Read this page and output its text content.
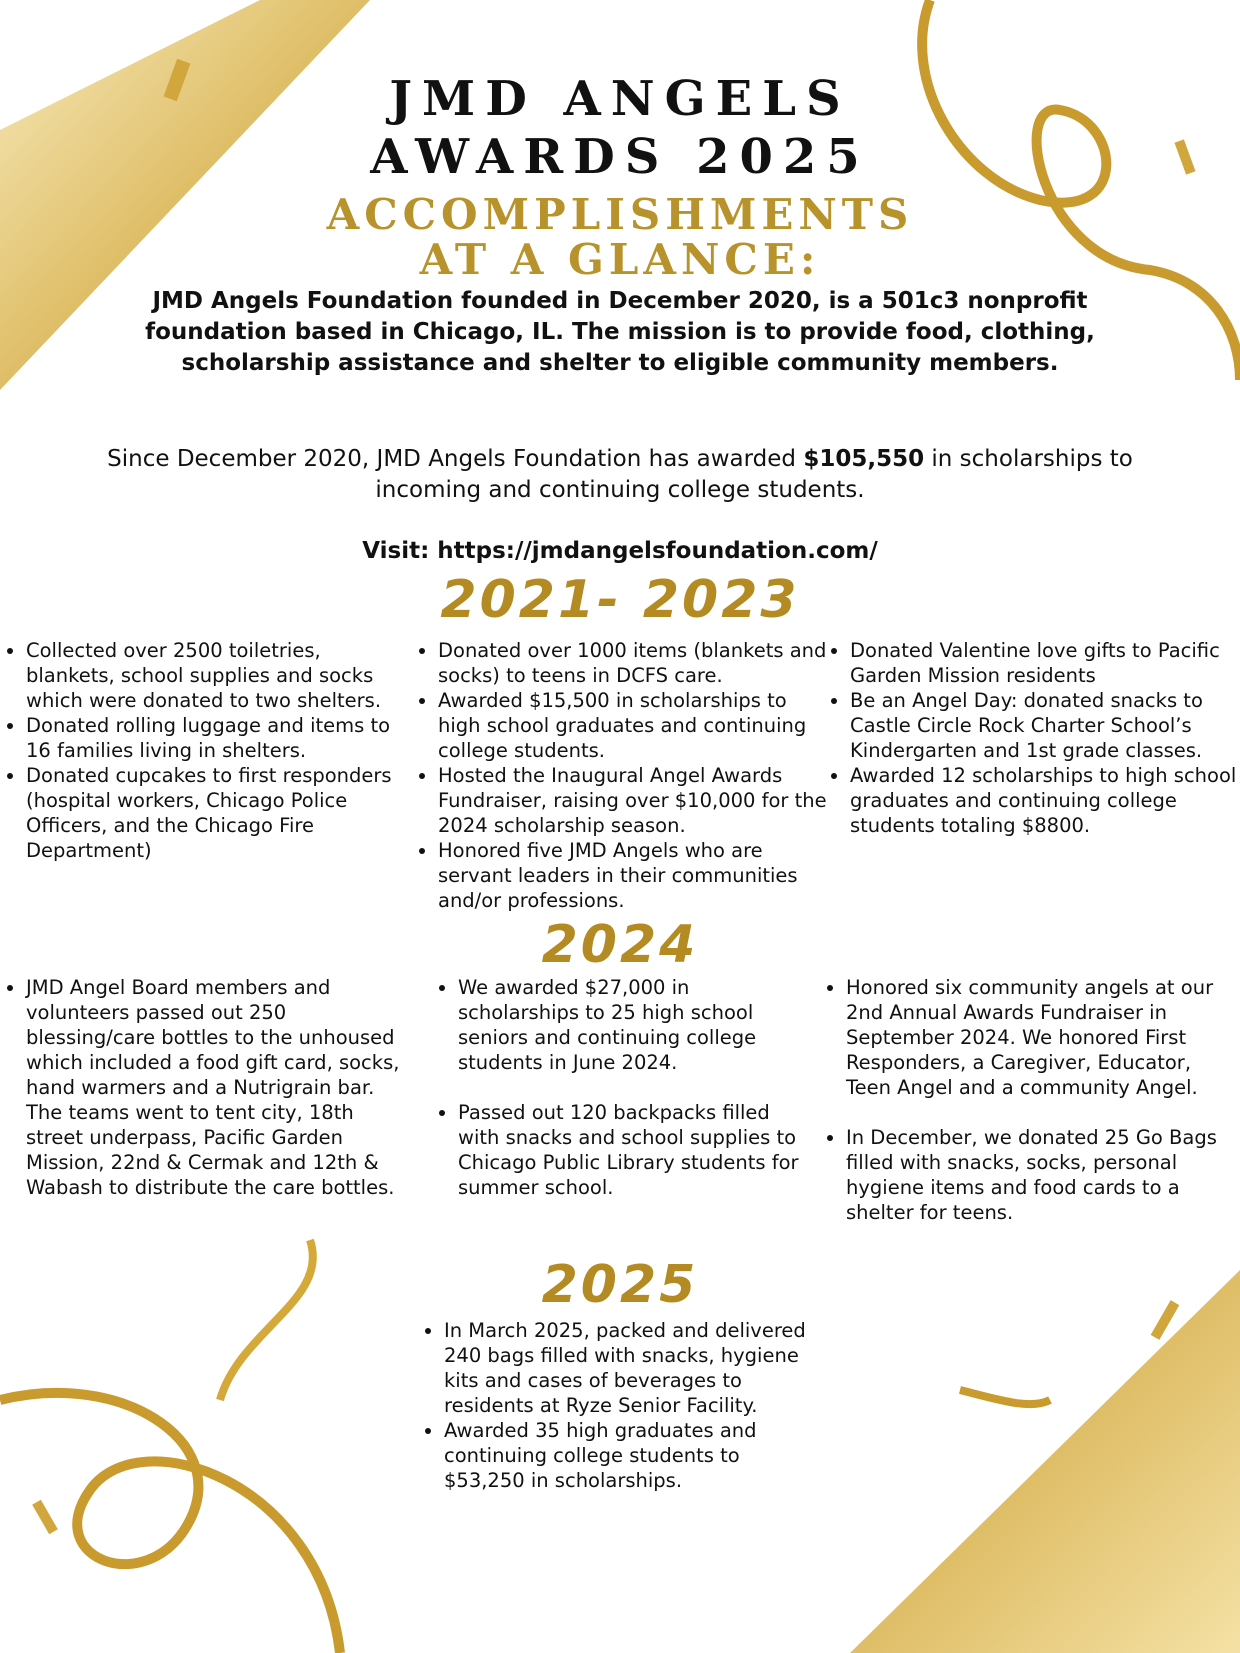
JMD ANGELS
AWARDS 2025
ACCOMPLISHMENTS
AT A GLANCE:
JMD Angels Foundation founded in December 2020, is a 501c3 nonprofit foundation based in Chicago, IL. The mission is to provide food, clothing, scholarship assistance and shelter to eligible community members.
Since December 2020, JMD Angels Foundation has awarded $105,550 in scholarships to incoming and continuing college students.
Visit: https://jmdangelsfoundation.com/
2021- 2023
• Collected over 2500 toiletries, blankets, school supplies and socks which were donated to two shelters.
• Donated rolling luggage and items to 16 families living in shelters.
• Donated cupcakes to first responders (hospital workers, Chicago Police Officers, and the Chicago Fire Department)
• Donated over 1000 items (blankets and socks) to teens in DCFS care.
• Awarded $15,500 in scholarships to high school graduates and continuing college students.
• Hosted the Inaugural Angel Awards Fundraiser, raising over $10,000 for the 2024 scholarship season.
• Honored five JMD Angels who are servant leaders in their communities and/or professions.
• Donated Valentine love gifts to Pacific Garden Mission residents
• Be an Angel Day: donated snacks to Castle Circle Rock Charter School’s Kindergarten and 1st grade classes.
• Awarded 12 scholarships to high school graduates and continuing college students totaling $8800.
2024
• JMD Angel Board members and volunteers passed out 250 blessing/care bottles to the unhoused which included a food gift card, socks, hand warmers and a Nutrigrain bar. The teams went to tent city, 18th street underpass, Pacific Garden Mission, 22nd & Cermak and 12th & Wabash to distribute the care bottles.
• We awarded $27,000 in scholarships to 25 high school seniors and continuing college students in June 2024.
• Passed out 120 backpacks filled with snacks and school supplies to Chicago Public Library students for summer school.
• Honored six community angels at our 2nd Annual Awards Fundraiser in September 2024. We honored First Responders, a Caregiver, Educator, Teen Angel and a community Angel.
• In December, we donated 25 Go Bags filled with snacks, socks, personal hygiene items and food cards to a shelter for teens.
2025
• In March 2025, packed and delivered 240 bags filled with snacks, hygiene kits and cases of beverages to residents at Ryze Senior Facility.
• Awarded 35 high graduates and continuing college students to $53,250 in scholarships.
